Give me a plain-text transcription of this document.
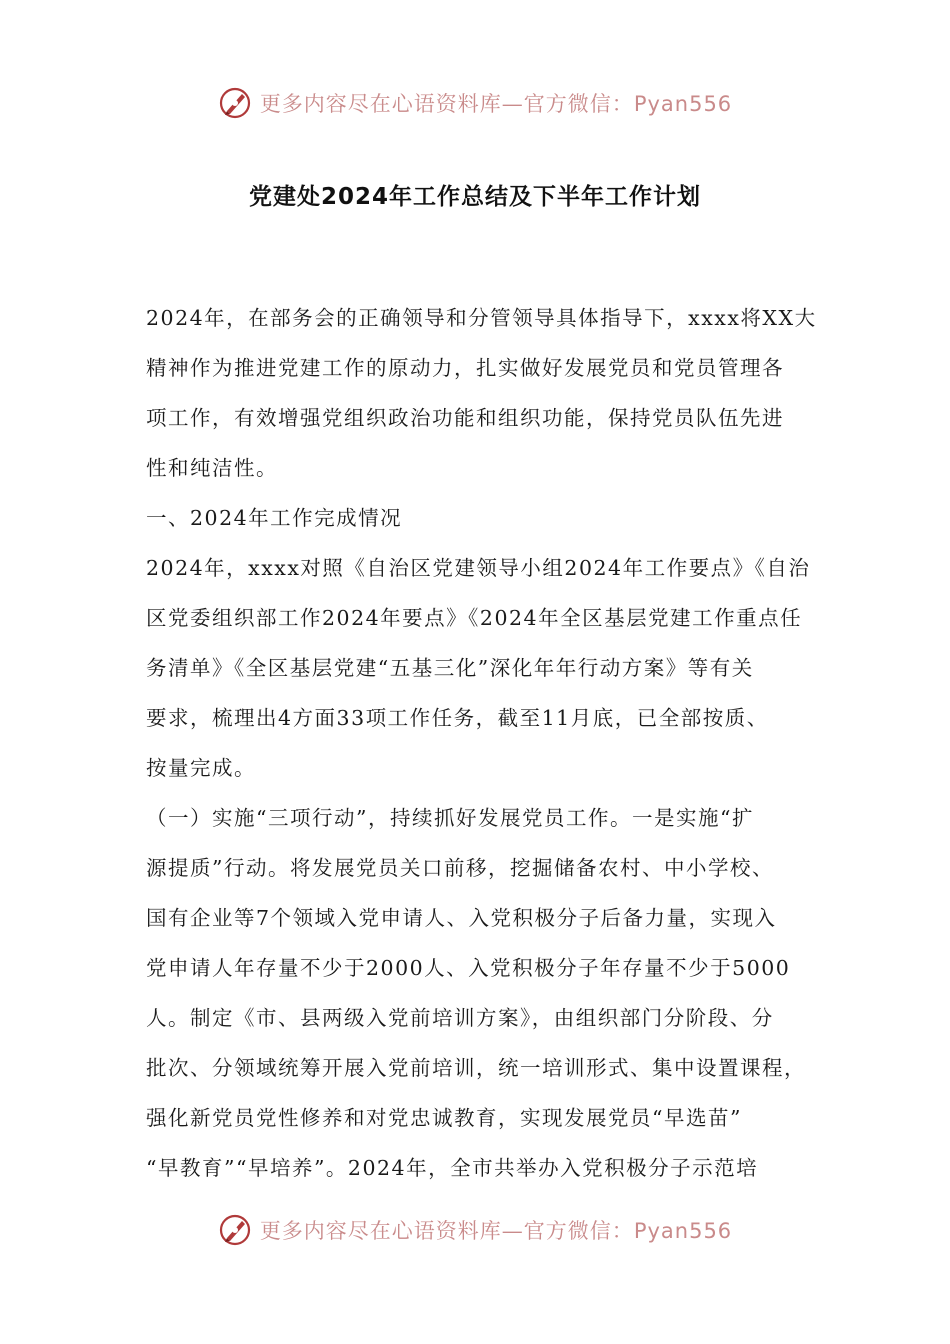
更多内容尽在心语资料库—官方微信：Pyan556
党建处2024年工作总结及下半年工作计划
2024年，在部务会的正确领导和分管领导具体指导下，xxxx将XX大
精神作为推进党建工作的原动力，扎实做好发展党员和党员管理各
项工作，有效增强党组织政治功能和组织功能，保持党员队伍先进
性和纯洁性。
一、2024年工作完成情况
2024年，xxxx对照《自治区党建领导小组2024年工作要点》《自治
区党委组织部工作2024年要点》《2024年全区基层党建工作重点任
务清单》《全区基层党建“五基三化”深化年年行动方案》等有关
要求，梳理出4方面33项工作任务，截至11月底，已全部按质、
按量完成。
（一）实施“三项行动”，持续抓好发展党员工作。一是实施“扩
源提质”行动。将发展党员关口前移，挖掘储备农村、中小学校、
国有企业等7个领域入党申请人、入党积极分子后备力量，实现入
党申请人年存量不少于2000人、入党积极分子年存量不少于5000
人。制定《市、县两级入党前培训方案》，由组织部门分阶段、分
批次、分领域统筹开展入党前培训，统一培训形式、集中设置课程，
强化新党员党性修养和对党忠诚教育，实现发展党员“早选苗”
“早教育”“早培养”。2024年，全市共举办入党积极分子示范培
更多内容尽在心语资料库—官方微信：Pyan556
